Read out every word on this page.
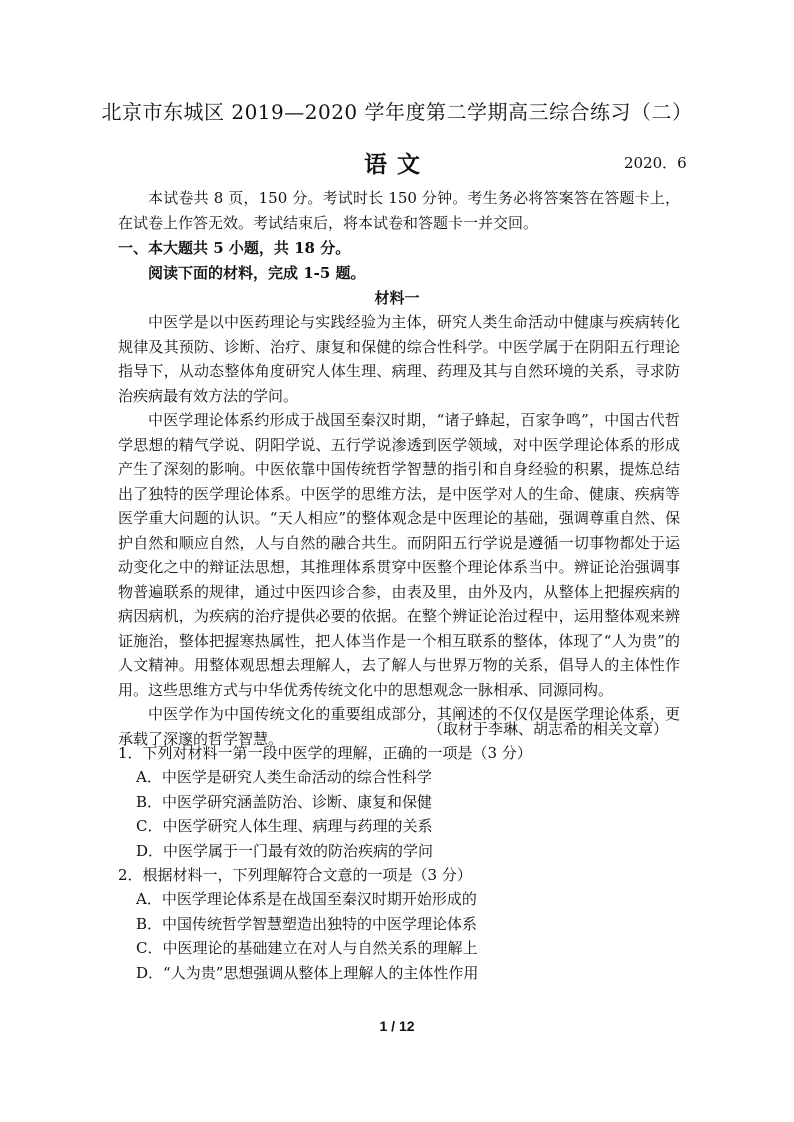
北京市东城区 2019—2020 学年度第二学期高三综合练习（二）
语文	2020．6

本试卷共 8 页，150 分。考试时长 150 分钟。考生务必将答案答在答题卡上，在试卷上作答无效。考试结束后，将本试卷和答题卡一并交回。

一、本大题共 5 小题，共 18 分。
阅读下面的材料，完成 1-5 题。
材料一

中医学是以中医药理论与实践经验为主体，研究人类生命活动中健康与疾病转化规律及其预防、诊断、治疗、康复和保健的综合性科学。中医学属于在阴阳五行理论指导下，从动态整体角度研究人体生理、病理、药理及其与自然环境的关系，寻求防治疾病最有效方法的学问。

中医学理论体系约形成于战国至秦汉时期，“诸子蜂起，百家争鸣”，中国古代哲学思想的精气学说、阴阳学说、五行学说渗透到医学领域，对中医学理论体系的形成产生了深刻的影响。中医依靠中国传统哲学智慧的指引和自身经验的积累，提炼总结出了独特的医学理论体系。中医学的思维方法，是中医学对人的生命、健康、疾病等医学重大问题的认识。“天人相应”的整体观念是中医理论的基础，强调尊重自然、保护自然和顺应自然，人与自然的融合共生。而阴阳五行学说是遵循一切事物都处于运动变化之中的辩证法思想，其推理体系贯穿中医整个理论体系当中。辨证论治强调事物普遍联系的规律，通过中医四诊合参，由表及里，由外及内，从整体上把握疾病的病因病机，为疾病的治疗提供必要的依据。在整个辨证论治过程中，运用整体观来辨证施治，整体把握寒热属性，把人体当作是一个相互联系的整体，体现了“人为贵”的人文精神。用整体观思想去理解人，去了解人与世界万物的关系，倡导人的主体性作用。这些思维方式与中华优秀传统文化中的思想观念一脉相承、同源同构。

中医学作为中国传统文化的重要组成部分，其阐述的不仅仅是医学理论体系，更承载了深邃的哲学智慧。

（取材于李琳、胡志希的相关文章）

1．下列对材料一第一段中医学的理解，正确的一项是（3 分）

A．中医学是研究人类生命活动的综合性科学

B．中医学研究涵盖防治、诊断、康复和保健

C．中医学研究人体生理、病理与药理的关系

D．中医学属于一门最有效的防治疾病的学问

2．根据材料一，下列理解符合文意的一项是（3 分）

A．中医学理论体系是在战国至秦汉时期开始形成的

B．中国传统哲学智慧塑造出独特的中医学理论体系

C．中医理论的基础建立在对人与自然关系的理解上

D．“人为贵”思想强调从整体上理解人的主体性作用

1 / 12
